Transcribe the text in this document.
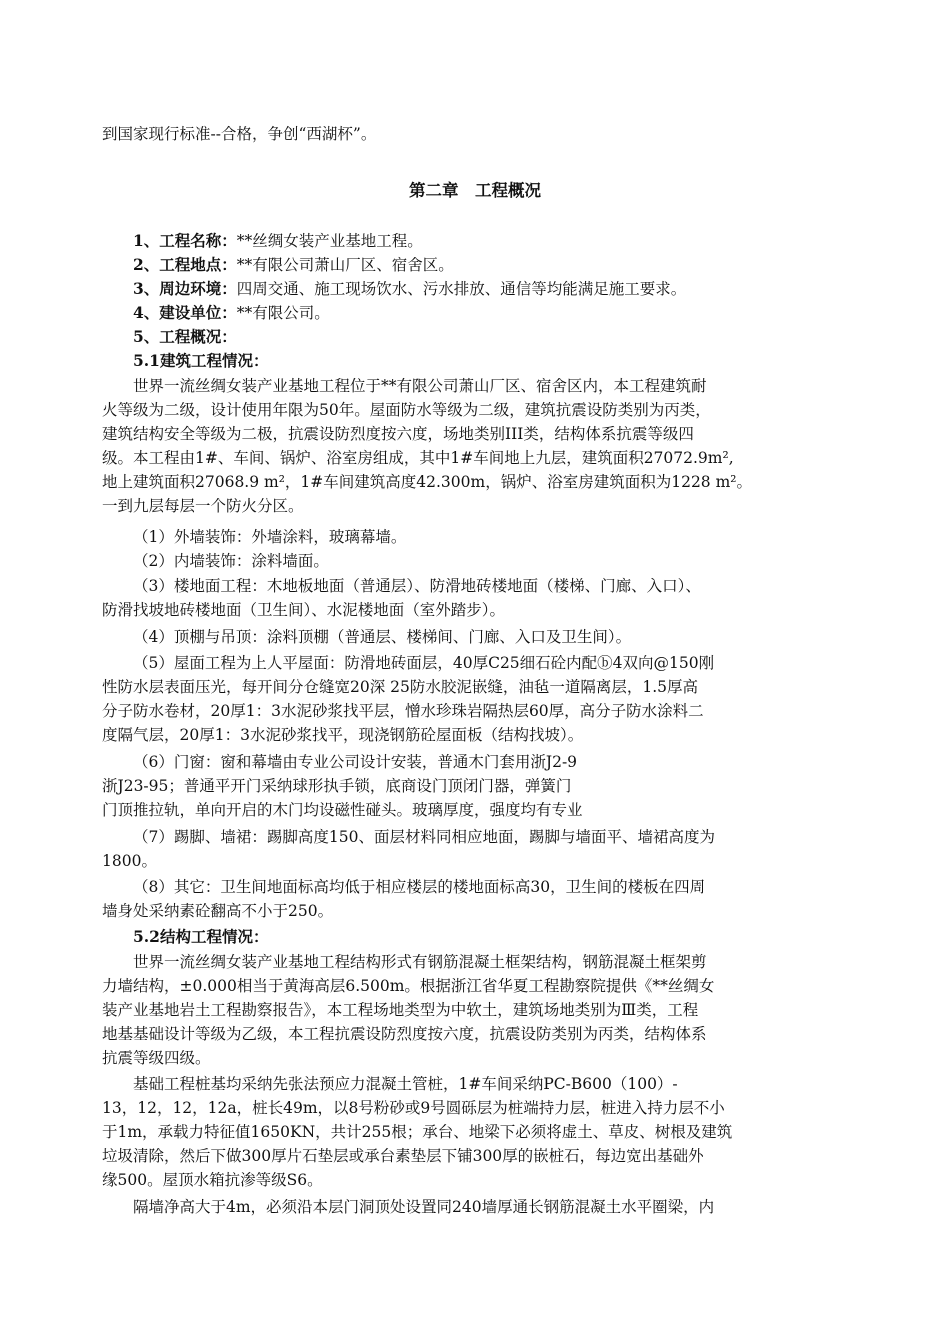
到国家现行标准--合格，争创“西湖杯”。
第二章　工程概况
1、工程名称：**丝绸女装产业基地工程。
2、工程地点：**有限公司萧山厂区、宿舍区。
3、周边环境：四周交通、施工现场饮水、污水排放、通信等均能满足施工要求。
4、建设单位：**有限公司。
5、工程概况：
5.1建筑工程情况：
世界一流丝绸女装产业基地工程位于**有限公司萧山厂区、宿舍区内，本工程建筑耐
火等级为二级，设计使用年限为50年。屋面防水等级为二级，建筑抗震设防类别为丙类，
建筑结构安全等级为二极，抗震设防烈度按六度，场地类别III类，结构体系抗震等级四
级。本工程由1#、车间、锅炉、浴室房组成，其中1#车间地上九层，建筑面积27072.9m²,
地上建筑面积27068.9 m²，1#车间建筑高度42.300m，锅炉、浴室房建筑面积为1228 m²。
一到九层每层一个防火分区。
（1）外墙装饰：外墙涂料，玻璃幕墙。
（2）内墙装饰：涂料墙面。
（3）楼地面工程：木地板地面（普通层）、防滑地砖楼地面（楼梯、门廊、入口）、
防滑找坡地砖楼地面（卫生间）、水泥楼地面（室外踏步）。
（4）顶棚与吊顶：涂料顶棚（普通层、楼梯间、门廊、入口及卫生间）。
（5）屋面工程为上人平屋面：防滑地砖面层，40厚C25细石砼内配ⓑ4双向@150刚
性防水层表面压光，每开间分仓缝宽20深 25防水胶泥嵌缝，油毡一道隔离层，1.5厚高
分子防水卷材，20厚1：3水泥砂浆找平层，憎水珍珠岩隔热层60厚，高分子防水涂料二
度隔气层，20厚1：3水泥砂浆找平，现浇钢筋砼屋面板（结构找坡）。
（6）门窗：窗和幕墙由专业公司设计安装，普通木门套用浙J2-9
浙J23-95；普通平开门采纳球形执手锁，底商设门顶闭门器，弹簧门
门顶推拉轨，单向开启的木门均设磁性碰头。玻璃厚度，强度均有专业
（7）踢脚、墙裙：踢脚高度150、面层材料同相应地面，踢脚与墙面平、墙裙高度为
1800。
（8）其它：卫生间地面标高均低于相应楼层的楼地面标高30，卫生间的楼板在四周
墙身处采纳素砼翻高不小于250。
5.2结构工程情况：
世界一流丝绸女装产业基地工程结构形式有钢筋混凝土框架结构，钢筋混凝土框架剪
力墙结构，±0.000相当于黄海高层6.500m。根据浙江省华夏工程勘察院提供《**丝绸女
装产业基地岩土工程勘察报告》，本工程场地类型为中软土，建筑场地类别为Ⅲ类，工程
地基基础设计等级为乙级，本工程抗震设防烈度按六度，抗震设防类别为丙类，结构体系
抗震等级四级。
基础工程桩基均采纳先张法预应力混凝土管桩，1#车间采纳PC-B600（100）-
13，12，12，12a，桩长49m，以8号粉砂或9号圆砾层为桩端持力层，桩进入持力层不小
于1m，承载力特征值1650KN，共计255根；承台、地梁下必须将虚土、草皮、树根及建筑
垃圾清除，然后下做300厚片石垫层或承台素垫层下铺300厚的嵌桩石，每边宽出基础外
缘500。屋顶水箱抗渗等级S6。
隔墙净高大于4m，必须沿本层门洞顶处设置同240墙厚通长钢筋混凝土水平圈梁，内
